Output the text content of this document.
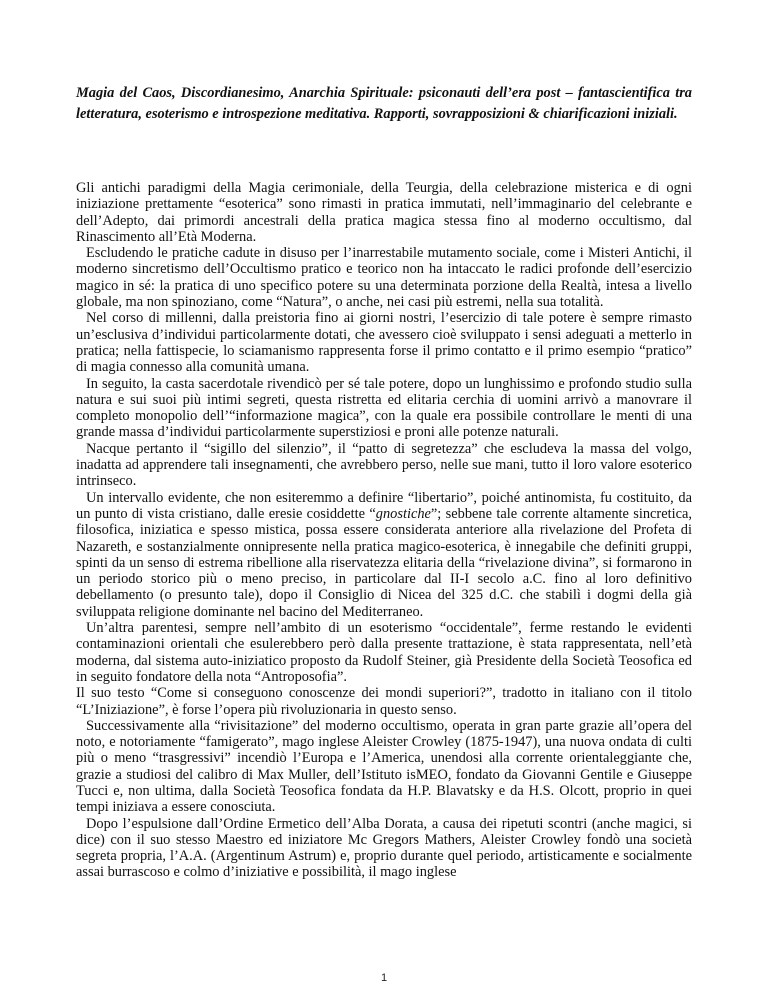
Magia del Caos, Discordianesimo, Anarchia Spirituale: psiconauti dell’era post – fantascientifica tra letteratura, esoterismo e introspezione meditativa. Rapporti, sovrapposizioni & chiarificazioni iniziali.

Gli antichi paradigmi della Magia cerimoniale, della Teurgia, della celebrazione misterica e di ogni iniziazione prettamente “esoterica” sono rimasti in pratica immutati, nell’immaginario del celebrante e dell’Adepto, dai primordi ancestrali della pratica magica stessa fino al moderno occultismo, dal Rinascimento all’Età Moderna.

Escludendo le pratiche cadute in disuso per l’inarrestabile mutamento sociale, come i Misteri Antichi, il moderno sincretismo dell’Occultismo pratico e teorico non ha intaccato le radici profonde dell’esercizio magico in sé: la pratica di uno specifico potere su una determinata porzione della Realtà, intesa a livello globale, ma non spinoziano, come “Natura”, o anche, nei casi più estremi, nella sua totalità.

Nel corso di millenni, dalla preistoria fino ai giorni nostri, l’esercizio di tale potere è sempre rimasto un’esclusiva d’individui particolarmente dotati, che avessero cioè sviluppato i sensi adeguati a metterlo in pratica; nella fattispecie, lo sciamanismo rappresenta forse il primo contatto e il primo esempio “pratico” di magia connesso alla comunità umana.

In seguito, la casta sacerdotale rivendicò per sé tale potere, dopo un lunghissimo e profondo studio sulla natura e sui suoi più intimi segreti, questa ristretta ed elitaria cerchia di uomini arrivò a manovrare il completo monopolio dell’“informazione magica”, con la quale era possibile controllare le menti di una grande massa d’individui particolarmente superstiziosi e proni alle potenze naturali.

Nacque pertanto il “sigillo del silenzio”, il “patto di segretezza” che escludeva la massa del volgo, inadatta ad apprendere tali insegnamenti, che avrebbero perso, nelle sue mani, tutto il loro valore esoterico intrinseco.

Un intervallo evidente, che non esiteremmo a definire “libertario”, poiché antinomista, fu costituito, da un punto di vista cristiano, dalle eresie cosiddette “gnostiche”; sebbene tale corrente altamente sincretica, filosofica, iniziatica e spesso mistica, possa essere considerata anteriore alla rivelazione del Profeta di Nazareth, e sostanzialmente onnipresente nella pratica magico-esoterica, è innegabile che definiti gruppi, spinti da un senso di estrema ribellione alla riservatezza elitaria della “rivelazione divina”, si formarono in un periodo storico più o meno preciso, in particolare dal II-I secolo a.C. fino al loro definitivo debellamento (o presunto tale), dopo il Consiglio di Nicea del 325 d.C. che stabilì i dogmi della già sviluppata religione dominante nel bacino del Mediterraneo.

Un’altra parentesi, sempre nell’ambito di un esoterismo “occidentale”, ferme restando le evidenti contaminazioni orientali che esulerebbero però dalla presente trattazione, è stata rappresentata, nell’età moderna, dal sistema auto-iniziatico proposto da Rudolf Steiner, già Presidente della Società Teosofica ed in seguito fondatore della nota “Antroposofia”.

Il suo testo “Come si conseguono conoscenze dei mondi superiori?”, tradotto in italiano con il titolo “L’Iniziazione”, è forse l’opera più rivoluzionaria in questo senso.

Successivamente alla “rivisitazione” del moderno occultismo, operata in gran parte grazie all’opera del noto, e notoriamente “famigerato”, mago inglese Aleister Crowley (1875-1947), una nuova ondata di culti più o meno “trasgressivi” incendiò l’Europa e l’America, unendosi alla corrente orientaleggiante che, grazie a studiosi del calibro di Max Muller, dell’Istituto isMEO, fondato da Giovanni Gentile e Giuseppe Tucci e, non ultima, dalla Società Teosofica fondata da H.P. Blavatsky e da H.S. Olcott, proprio in quei tempi iniziava a essere conosciuta.

Dopo l’espulsione dall’Ordine Ermetico dell’Alba Dorata, a causa dei ripetuti scontri (anche magici, si dice) con il suo stesso Maestro ed iniziatore Mc Gregors Mathers, Aleister Crowley fondò una società segreta propria, l’A.A. (Argentinum Astrum) e, proprio durante quel periodo, artisticamente e socialmente assai burrascoso e colmo d’iniziative e possibilità, il mago inglese

1
